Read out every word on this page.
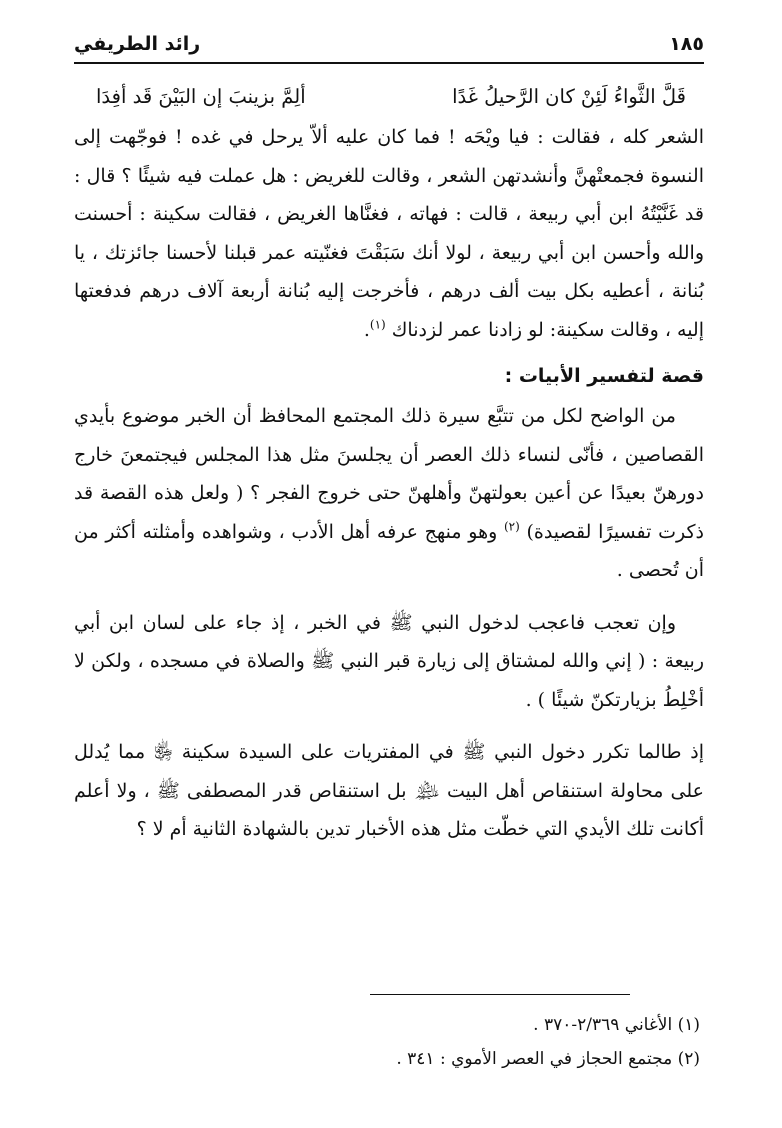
١٨٥
رائد الطريفي
قَلَّ الثَّواءُ لَئِنْ كان الرَّحيلُ غَدًا
ألِمَّ بزينبَ إن البَيْنَ قَد أفِدَا

الشعر كله ، فقالت : فيا ويْحَه ! فما كان عليه ألاّ يرحل في غده ! فوجّهت إلى النسوة فجمعتْهنَّ وأنشدتهن الشعر ، وقالت للغريض : هل عملت فيه شيئًا ؟ قال : قد غَنَّيْتُهُ ابن أبي ربيعة ، قالت : فهاته ، فغنَّاها الغريض ، فقالت سكينة : أحسنت والله وأحسن ابن أبي ربيعة ، لولا أنك سَبَقْتَ فغنّيته عمر قبلنا لأحسنا جائزتك ، يا بُنانة ، أعطيه بكل بيت ألف درهم ، فأخرجت إليه بُنانة أربعة آلاف درهم فدفعتها إليه ، وقالت سكينة: لو زادنا عمر لزدناك $^{(١)}$.

قصة لتفسير الأبيات :

من الواضح لكل من تتبَّع سيرة ذلك المجتمع المحافظ أن الخبر موضوع بأيدي القصاصين ، فأنّى لنساء ذلك العصر أن يجلسنَ مثل هذا المجلس فيجتمعنَ خارج دورهنّ بعيدًا عن أعين بعولتهنّ وأهلهنّ حتى خروج الفجر ؟ ( ولعل هذه القصة قد ذكرت تفسيرًا لقصيدة) $^{(٢)}$ وهو منهج عرفه أهل الأدب ، وشواهده وأمثلته أكثر من أن تُحصى .

وإن تعجب فاعجب لدخول النبي ﷺ في الخبر ، إذ جاء على لسان ابن أبي ربيعة : ( إني والله لمشتاق إلى زيارة قبر النبي ﷺ والصلاة في مسجده ، ولكن لا أخْلِطُ بزيارتكنّ شيئًا ) .

إذ طالما تكرر دخول النبي ﷺ في المفتريات على السيدة سكينة ﵂ مما يُدلل على محاولة استنقاص أهل البيت ﵈ بل استنقاص قدر المصطفى ﷺ ، ولا أعلم أكانت تلك الأيدي التي خطّت مثل هذه الأخبار تدين بالشهادة الثانية أم لا ؟

(١) الأغاني ٢/٣٦٩-٣٧٠ .
(٢) مجتمع الحجاز في العصر الأموي : ٣٤١ .
